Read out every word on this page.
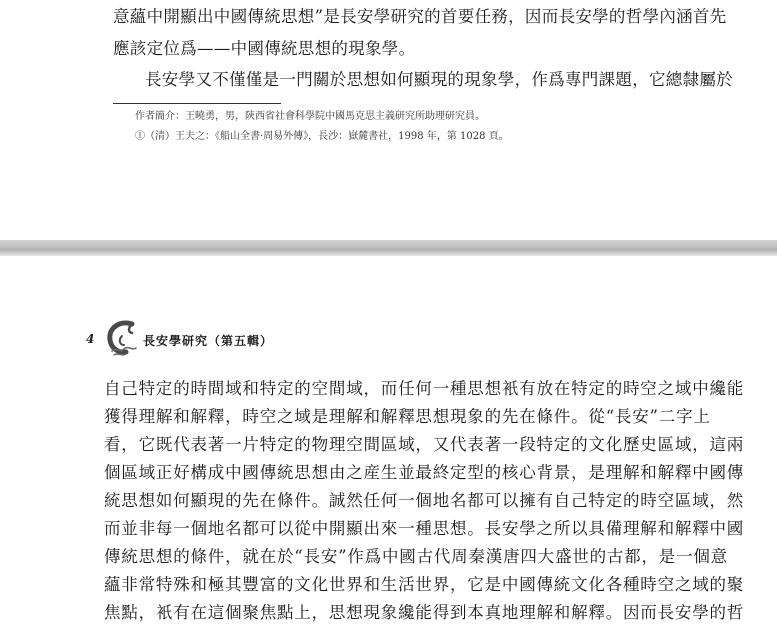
意蘊中開顯出中國傳統思想”是長安學研究的首要任務，因而長安學的哲學內涵首先
應該定位爲——中國傳統思想的現象學。
長安學又不僅僅是一門關於思想如何顯現的現象學，作爲專門課題，它總隸屬於
作者簡介：王曉勇，男，陝西省社會科學院中國馬克思主義研究所助理研究員。
①（清）王夫之：《船山全書·周易外傳》，長沙：嶽麓書社，1998 年，第 1028 頁。
4	長安學研究（第五輯）
自己特定的時間域和特定的空間域，而任何一種思想衹有放在特定的時空之域中纔能
獲得理解和解釋，時空之域是理解和解釋思想現象的先在條件。從“長安”二字上
看，它既代表著一片特定的物理空間區域，又代表著一段特定的文化歷史區域，這兩
個區域正好構成中國傳統思想由之産生並最終定型的核心背景，是理解和解釋中國傳
統思想如何顯現的先在條件。誠然任何一個地名都可以擁有自己特定的時空區域，然
而並非每一個地名都可以從中開顯出來一種思想。長安學之所以具備理解和解釋中國
傳統思想的條件，就在於“長安”作爲中國古代周秦漢唐四大盛世的古都，是一個意
蘊非常特殊和極其豐富的文化世界和生活世界，它是中國傳統文化各種時空之域的聚
焦點，衹有在這個聚焦點上，思想現象纔能得到本真地理解和解釋。因而長安學的哲
